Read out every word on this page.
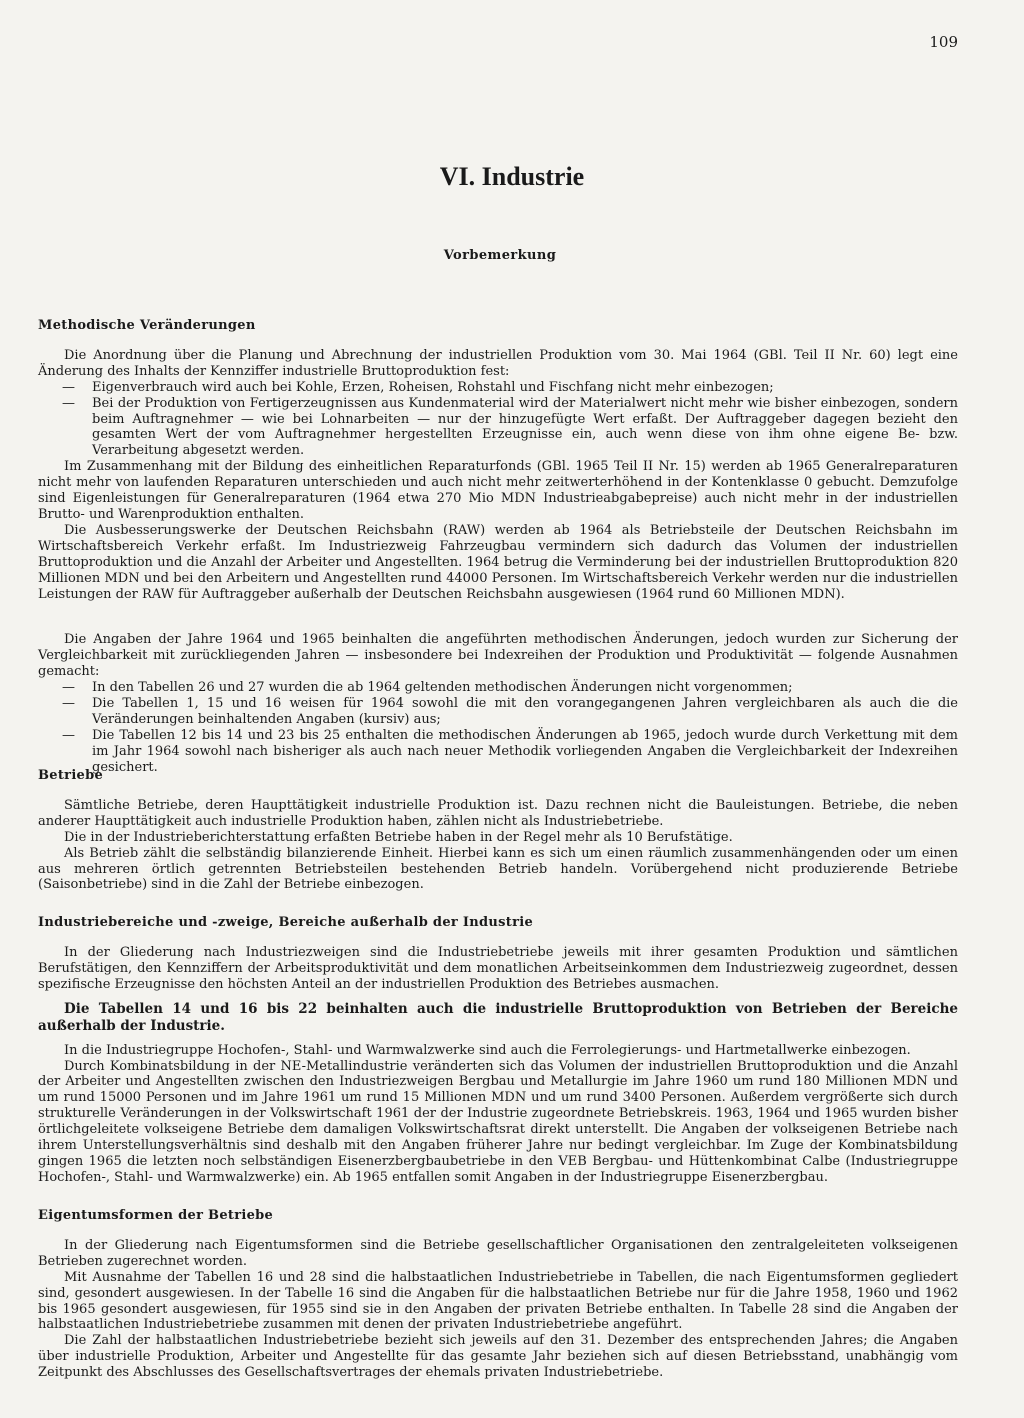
109
VI. Industrie
Vorbemerkung
Methodische Veränderungen

Die Anordnung über die Planung und Abrechnung der industriellen Produktion vom 30. Mai 1964 (GBl. Teil II Nr. 60) legt eine Änderung des Inhalts der Kennziffer industrielle Bruttoproduktion fest:

— Eigenverbrauch wird auch bei Kohle, Erzen, Roheisen, Rohstahl und Fischfang nicht mehr einbezogen;
— Bei der Produktion von Fertigerzeugnissen aus Kundenmaterial wird der Materialwert nicht mehr wie bisher einbezogen, sondern beim Auftragnehmer — wie bei Lohnarbeiten — nur der hinzugefügte Wert erfaßt. Der Auftraggeber dagegen bezieht den gesamten Wert der vom Auftragnehmer hergestellten Erzeugnisse ein, auch wenn diese von ihm ohne eigene Be- bzw. Verarbeitung abgesetzt werden.

Im Zusammenhang mit der Bildung des einheitlichen Reparaturfonds (GBl. 1965 Teil II Nr. 15) werden ab 1965 Generalreparaturen nicht mehr von laufenden Reparaturen unterschieden und auch nicht mehr zeitwerterhöhend in der Kontenklasse 0 gebucht. Demzufolge sind Eigenleistungen für Generalreparaturen (1964 etwa 270 Mio MDN Industrieabgabepreise) auch nicht mehr in der industriellen Brutto- und Warenproduktion enthalten.

Die Ausbesserungswerke der Deutschen Reichsbahn (RAW) werden ab 1964 als Betriebsteile der Deutschen Reichsbahn im Wirtschaftsbereich Verkehr erfaßt. Im Industriezweig Fahrzeugbau vermindern sich dadurch das Volumen der industriellen Bruttoproduktion und die Anzahl der Arbeiter und Angestellten. 1964 betrug die Verminderung bei der industriellen Bruttoproduktion 820 Millionen MDN und bei den Arbeitern und Angestellten rund 44000 Personen. Im Wirtschaftsbereich Verkehr werden nur die industriellen Leistungen der RAW für Auftraggeber außerhalb der Deutschen Reichsbahn ausgewiesen (1964 rund 60 Millionen MDN).

Die Angaben der Jahre 1964 und 1965 beinhalten die angeführten methodischen Änderungen, jedoch wurden zur Sicherung der Vergleichbarkeit mit zurückliegenden Jahren — insbesondere bei Indexreihen der Produktion und Produktivität — folgende Ausnahmen gemacht:

— In den Tabellen 26 und 27 wurden die ab 1964 geltenden methodischen Änderungen nicht vorgenommen;
— Die Tabellen 1, 15 und 16 weisen für 1964 sowohl die mit den vorangegangenen Jahren vergleichbaren als auch die die Veränderungen beinhaltenden Angaben (kursiv) aus;
— Die Tabellen 12 bis 14 und 23 bis 25 enthalten die methodischen Änderungen ab 1965, jedoch wurde durch Verkettung mit dem im Jahr 1964 sowohl nach bisheriger als auch nach neuer Methodik vorliegenden Angaben die Vergleichbarkeit der Indexreihen gesichert.
Betriebe

Sämtliche Betriebe, deren Haupttätigkeit industrielle Produktion ist. Dazu rechnen nicht die Bauleistungen. Betriebe, die neben anderer Haupttätigkeit auch industrielle Produktion haben, zählen nicht als Industriebetriebe.

Die in der Industrieberichterstattung erfaßten Betriebe haben in der Regel mehr als 10 Berufstätige.

Als Betrieb zählt die selbständig bilanzierende Einheit. Hierbei kann es sich um einen räumlich zusammenhängenden oder um einen aus mehreren örtlich getrennten Betriebsteilen bestehenden Betrieb handeln. Vorübergehend nicht produzierende Betriebe (Saisonbetriebe) sind in die Zahl der Betriebe einbezogen.

Industriebereiche und -zweige, Bereiche außerhalb der Industrie

In der Gliederung nach Industriezweigen sind die Industriebetriebe jeweils mit ihrer gesamten Produktion und sämtlichen Berufstätigen, den Kennziffern der Arbeitsproduktivität und dem monatlichen Arbeitseinkommen dem Industriezweig zugeordnet, dessen spezifische Erzeugnisse den höchsten Anteil an der industriellen Produktion des Betriebes ausmachen.

Die Tabellen 14 und 16 bis 22 beinhalten auch die industrielle Bruttoproduktion von Betrieben der Bereiche außerhalb der Industrie.

In die Industriegruppe Hochofen-, Stahl- und Warmwalzwerke sind auch die Ferrolegierungs- und Hartmetallwerke einbezogen.

Durch Kombinatsbildung in der NE-Metallindustrie veränderten sich das Volumen der industriellen Bruttoproduktion und die Anzahl der Arbeiter und Angestellten zwischen den Industriezweigen Bergbau und Metallurgie im Jahre 1960 um rund 180 Millionen MDN und um rund 15000 Personen und im Jahre 1961 um rund 15 Millionen MDN und um rund 3400 Personen. Außerdem vergrößerte sich durch strukturelle Veränderungen in der Volkswirtschaft 1961 der der Industrie zugeordnete Betriebskreis. 1963, 1964 und 1965 wurden bisher örtlichgeleitete volkseigene Betriebe dem damaligen Volkswirtschaftsrat direkt unterstellt. Die Angaben der volkseigenen Betriebe nach ihrem Unterstellungsverhältnis sind deshalb mit den Angaben früherer Jahre nur bedingt vergleichbar. Im Zuge der Kombinatsbildung gingen 1965 die letzten noch selbständigen Eisenerzbergbaubetriebe in den VEB Bergbau- und Hüttenkombinat Calbe (Industriegruppe Hochofen-, Stahl- und Warmwalzwerke) ein. Ab 1965 entfallen somit Angaben in der Industriegruppe Eisenerzbergbau.

Eigentumsformen der Betriebe

In der Gliederung nach Eigentumsformen sind die Betriebe gesellschaftlicher Organisationen den zentralgeleiteten volkseigenen Betrieben zugerechnet worden.

Mit Ausnahme der Tabellen 16 und 28 sind die halbstaatlichen Industriebetriebe in Tabellen, die nach Eigentumsformen gegliedert sind, gesondert ausgewiesen. In der Tabelle 16 sind die Angaben für die halbstaatlichen Betriebe nur für die Jahre 1958, 1960 und 1962 bis 1965 gesondert ausgewiesen, für 1955 sind sie in den Angaben der privaten Betriebe enthalten. In Tabelle 28 sind die Angaben der halbstaatlichen Industriebetriebe zusammen mit denen der privaten Industriebetriebe angeführt.

Die Zahl der halbstaatlichen Industriebetriebe bezieht sich jeweils auf den 31. Dezember des entsprechenden Jahres; die Angaben über industrielle Produktion, Arbeiter und Angestellte für das gesamte Jahr beziehen sich auf diesen Betriebsstand, unabhängig vom Zeitpunkt des Abschlusses des Gesellschaftsvertrages der ehemals privaten Industriebetriebe.
